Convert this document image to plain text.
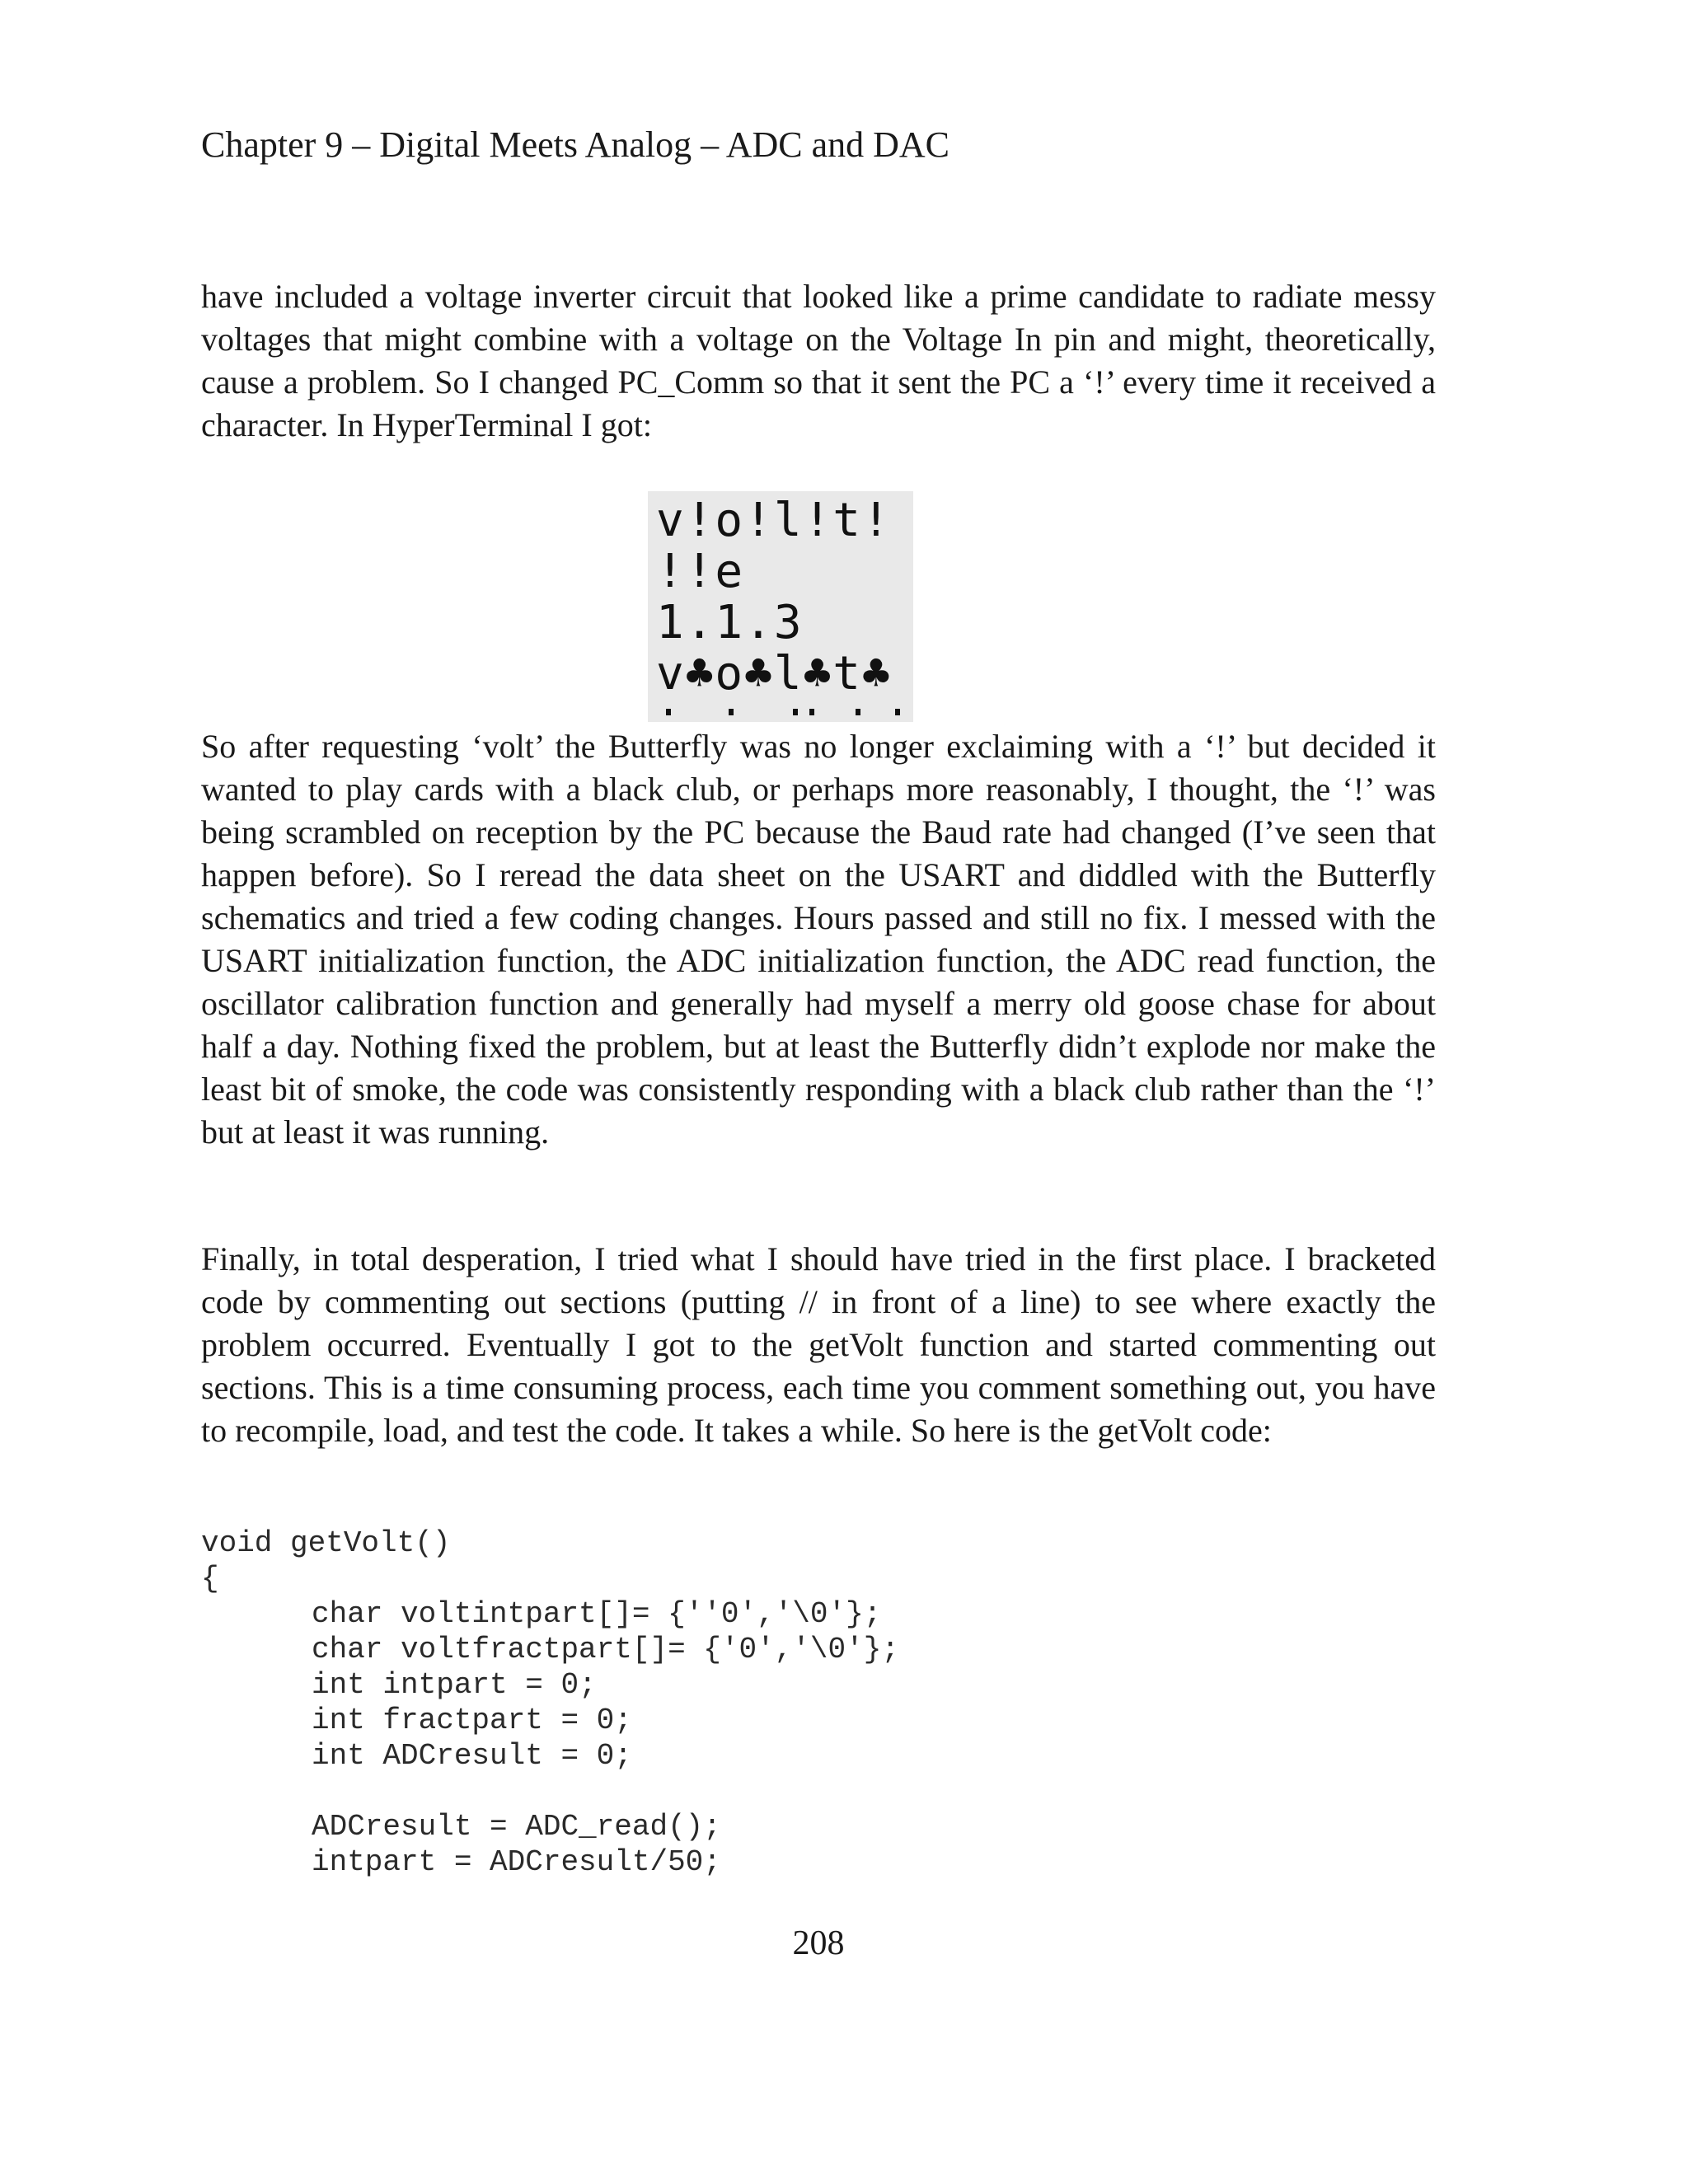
Chapter 9 – Digital Meets Analog – ADC and DAC

have included a voltage inverter circuit that looked like a prime candidate to radiate messy voltages that might combine with a voltage on the Voltage In pin and might, theoretically, cause a problem. So I changed PC_Comm so that it sent the PC a ‘!’ every time it received a character. In HyperTerminal I got:

v!o!l!t!
!!e
1.1.3
v♣o♣l♣t♣

So after requesting ‘volt’ the Butterfly was no longer exclaiming with a ‘!’ but decided it wanted to play cards with a black club, or perhaps more reasonably, I thought, the ‘!’ was being scrambled on reception by the PC because the Baud rate had changed (I’ve seen that happen before). So I reread the data sheet on the USART and diddled with the Butterfly schematics and tried a few coding changes. Hours passed and still no fix. I messed with the USART initialization function, the ADC initialization function, the ADC read function, the oscillator calibration function and generally had myself a merry old goose chase for about half a day. Nothing fixed the problem, but at least the Butterfly didn’t explode nor make the least bit of smoke, the code was consistently responding with a black club rather than the ‘!’ but at least it was running.

Finally, in total desperation, I tried what I should have tried in the first place. I bracketed code by commenting out sections (putting // in front of a line) to see where exactly the problem occurred. Eventually I got to the getVolt function and started commenting out sections. This is a time consuming process, each time you comment something out, you have to recompile, load, and test the code. It takes a while. So here is the getVolt code:

void getVolt()
{
char voltintpart[]= {''0','\0'};
char voltfractpart[]= {'0','\0'};
int intpart = 0;
int fractpart = 0;
int ADCresult = 0;
ADCresult = ADC_read();
intpart = ADCresult/50;
208
